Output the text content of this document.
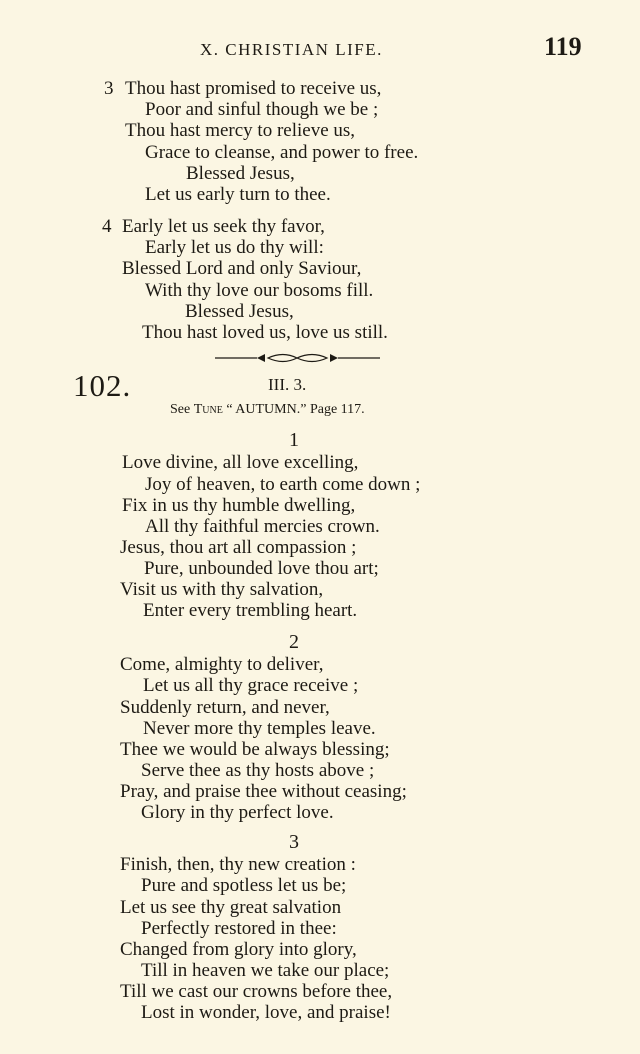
X. CHRISTIAN LIFE.	119
3 Thou hast promised to receive us,
Poor and sinful though we be ;
Thou hast mercy to relieve us,
Grace to cleanse, and power to free.
Blessed Jesus,
Let us early turn to thee.
4 Early let us seek thy favor,
Early let us do thy will:
Blessed Lord and only Saviour,
With thy love our bosoms fill.
Blessed Jesus,
Thou hast loved us, love us still.
102.	III. 3.
See Tune “ AUTUMN.” Page 117.
1
Love divine, all love excelling,
Joy of heaven, to earth come down ;
Fix in us thy humble dwelling,
All thy faithful mercies crown.
Jesus, thou art all compassion ;
Pure, unbounded love thou art;
Visit us with thy salvation,
Enter every trembling heart.
2
Come, almighty to deliver,
Let us all thy grace receive ;
Suddenly return, and never,
Never more thy temples leave.
Thee we would be always blessing;
Serve thee as thy hosts above ;
Pray, and praise thee without ceasing;
Glory in thy perfect love.
3
Finish, then, thy new creation :
Pure and spotless let us be;
Let us see thy great salvation
Perfectly restored in thee:
Changed from glory into glory,
Till in heaven we take our place;
Till we cast our crowns before thee,
Lost in wonder, love, and praise!
